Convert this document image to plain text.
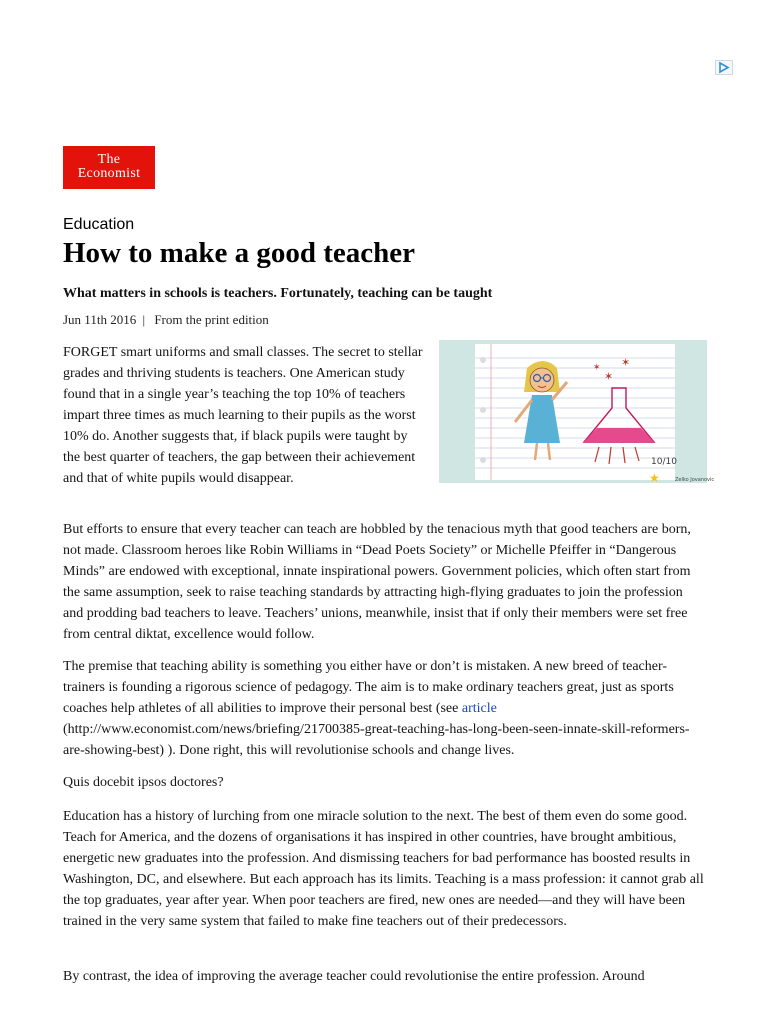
The
Economist
Education
How to make a good teacher

What matters in schools is teachers. Fortunately, teaching can be taught

Jun 11th 2016 | From the print edition
✶
✶
✶
10/10
★	Zelko Jovanovic

FORGET smart uniforms and small classes. The secret to stellar grades and thriving students is teachers. One American study found that in a single year’s teaching the top 10% of teachers impart three times as much learning to their pupils as the worst 10% do. Another suggests that, if black pupils were taught by the best quarter of teachers, the gap between their achievement and that of white pupils would disappear.

But efforts to ensure that every teacher can teach are hobbled by the tenacious myth that good teachers are born, not made. Classroom heroes like Robin Williams in “Dead Poets Society” or Michelle Pfeiffer in “Dangerous Minds” are endowed with exceptional, innate inspirational powers. Government policies, which often start from the same assumption, seek to raise teaching standards by attracting high-flying graduates to join the profession and prodding bad teachers to leave. Teachers’ unions, meanwhile, insist that if only their members were set free from central diktat, excellence would follow.

The premise that teaching ability is something you either have or don’t is mistaken. A new breed of teacher-trainers is founding a rigorous science of pedagogy. The aim is to make ordinary teachers great, just as sports coaches help athletes of all abilities to improve their personal best (see article (http://www.economist.com/news/briefing/21700385-great-teaching-has-long-been-seen-innate-skill-reformers-are-showing-best) ). Done right, this will revolutionise schools and change lives.

Quis docebit ipsos doctores?

Education has a history of lurching from one miracle solution to the next. The best of them even do some good. Teach for America, and the dozens of organisations it has inspired in other countries, have brought ambitious, energetic new graduates into the profession. And dismissing teachers for bad performance has boosted results in Washington, DC, and elsewhere. But each approach has its limits. Teaching is a mass profession: it cannot grab all the top graduates, year after year. When poor teachers are fired, new ones are needed—and they will have been trained in the very same system that failed to make fine teachers out of their predecessors.

By contrast, the idea of improving the average teacher could revolutionise the entire profession. Around
